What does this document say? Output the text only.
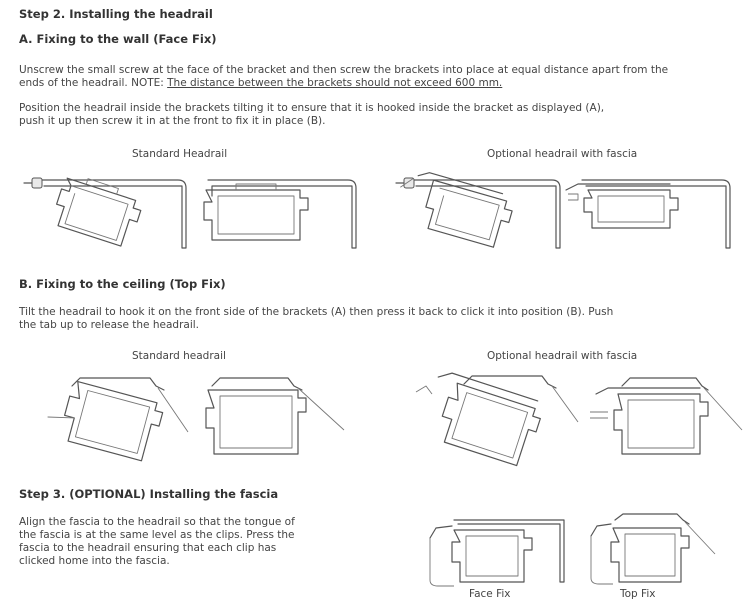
Step 2. Installing the headrail
A. Fixing to the wall (Face Fix)
Unscrew the small screw at the face of the bracket and then screw the brackets into place at equal distance apart from the
ends of the headrail. NOTE: The distance between the brackets should not exceed 600 mm.
Position the headrail inside the brackets tilting it to ensure that it is hooked inside the bracket as displayed (A),
push it up then screw it in at the front to fix it in place (B).
Standard Headrail	Optional headrail with fascia
B. Fixing to the ceiling (Top Fix)
Tilt the headrail to hook it on the front side of the brackets (A) then press it back to click it into position (B). Push
the tab up to release the headrail.
Standard headrail	Optional headrail with fascia
Step 3. (OPTIONAL) Installing the fascia
Align the fascia to the headrail so that the tongue of
the fascia is at the same level as the clips. Press the
fascia to the headrail ensuring that each clip has
clicked home into the fascia.
Face Fix	Top Fix
